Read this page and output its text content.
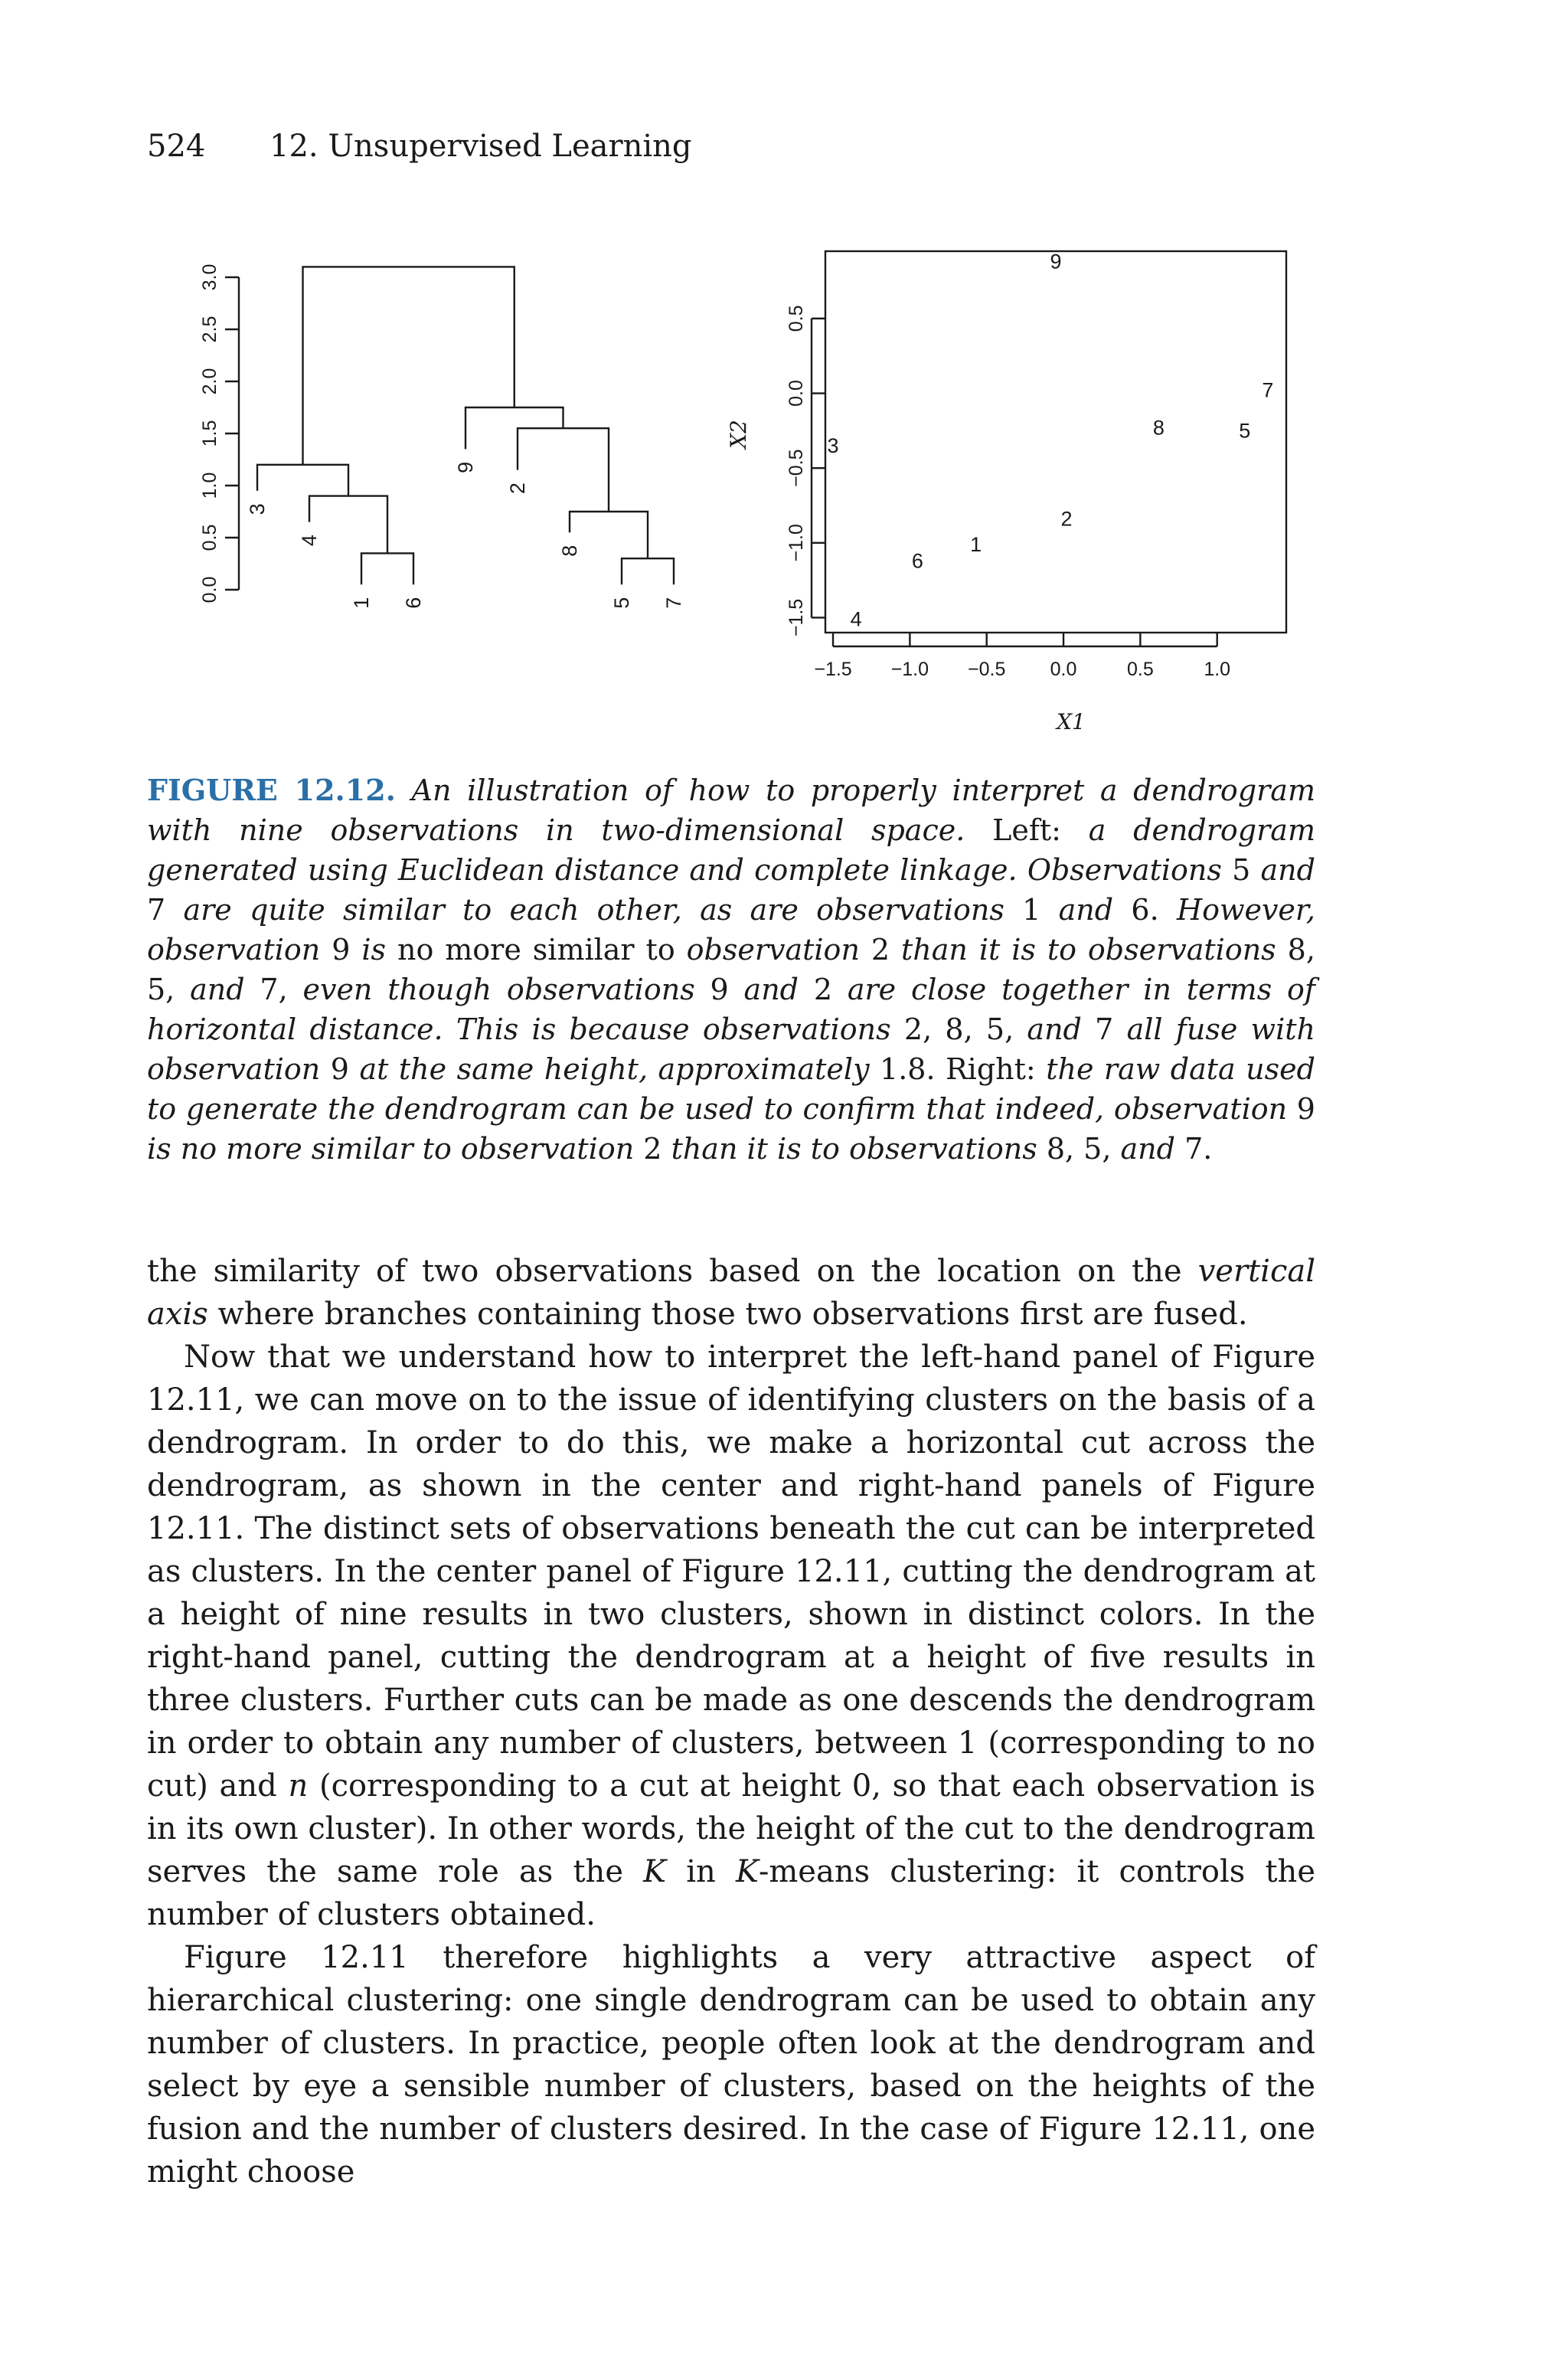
524 12. Unsupervised Learning
0.0
0.5
1.0
1.5
2.0
2.5
3.0
3
4
1 6
9
2
8
5 7
−1.5 −1.0 −0.5 0.0	0.5	1.0
−1.5
−1.0
−0.5
0.0
0.5
X1
X2
9
7
8	5
3
2
1
6
4
FIGURE 12.12. An illustration of how to properly interpret a dendrogram with nine observations in two-dimensional space. Left: a dendrogram generated using Euclidean distance and complete linkage. Observations 5 and 7 are quite similar to each other, as are observations 1 and 6. However, observation 9 is no more similar to observation 2 than it is to observations 8, 5, and 7, even though observations 9 and 2 are close together in terms of horizontal distance. This is because observations 2, 8, 5, and 7 all fuse with observation 9 at the same height, approximately 1.8. Right: the raw data used to generate the dendrogram can be used to confirm that indeed, observation 9 is no more similar to observation 2 than it is to observations 8, 5, and 7.

the similarity of two observations based on the location on the vertical axis where branches containing those two observations first are fused.

Now that we understand how to interpret the left-hand panel of Figure 12.11, we can move on to the issue of identifying clusters on the basis of a dendrogram. In order to do this, we make a horizontal cut across the dendrogram, as shown in the center and right-hand panels of Figure 12.11. The distinct sets of observations beneath the cut can be interpreted as clusters. In the center panel of Figure 12.11, cutting the dendrogram at a height of nine results in two clusters, shown in distinct colors. In the right-hand panel, cutting the dendrogram at a height of five results in three clusters. Further cuts can be made as one descends the dendrogram in order to obtain any number of clusters, between 1 (corresponding to no cut) and n (corresponding to a cut at height 0, so that each observation is in its own cluster). In other words, the height of the cut to the dendrogram serves the same role as the K in K-means clustering: it controls the number of clusters obtained.

Figure 12.11 therefore highlights a very attractive aspect of hierarchical clustering: one single dendrogram can be used to obtain any number of clusters. In practice, people often look at the dendrogram and select by eye a sensible number of clusters, based on the heights of the fusion and the number of clusters desired. In the case of Figure 12.11, one might choose
